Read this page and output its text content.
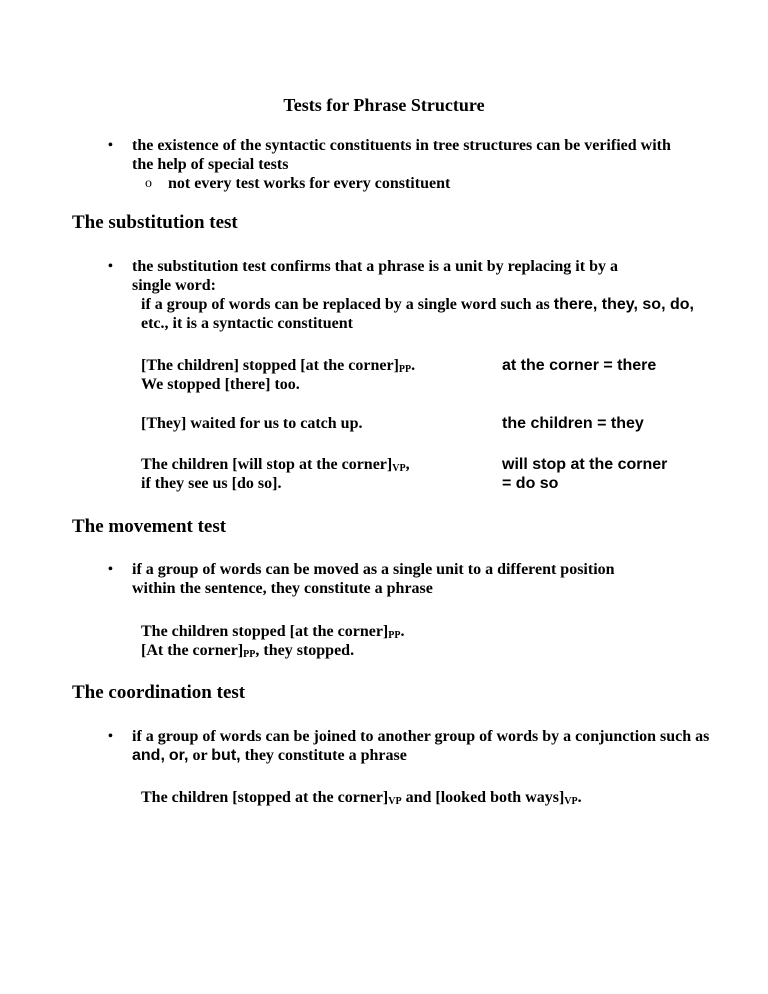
Tests for Phrase Structure
• the existence of the syntactic constituents in tree structures can be verified with the help of special tests
o not every test works for every constituent
The substitution test
• the substitution test confirms that a phrase is a unit by replacing it by a single word:
if a group of words can be replaced by a single word such as there, they, so, do, etc., it is a syntactic constituent
[The children] stopped [at the $corner]_{PP}$.
We stopped [there] too.
at the corner = there
[They] waited for us to catch up.	the children = they
The children [will stop at the $corner]_{VP}$,
if they see us [do so].
will stop at the corner
= do so
The movement test
• if a group of words can be moved as a single unit to a different position within the sentence, they constitute a phrase
The children stopped [at the $corner]_{PP}$.
[At the $corner]_{PP}$, they stopped.
The coordination test
• if a group of words can be joined to another group of words by a conjunction such as and, or, or but, they constitute a phrase
The children [stopped at the $corner]_{VP}$ and [looked both $ways]_{VP}$.
